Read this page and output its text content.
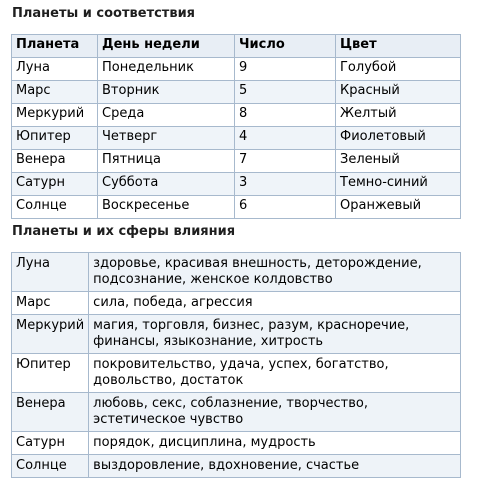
Планеты и соответствия
Планета	День недели	Число	Цвет
Луна	Понедельник	9	Голубой
Марс	Вторник	5	Красный
Меркурий	Среда	8	Желтый
Юпитер	Четверг	4	Фиолетовый
Венера	Пятница	7	Зеленый
Сатурн	Суббота	3	Темно-синий
Солнце	Воскресенье	6	Оранжевый
Планеты и их сферы влияния
Луна	здоровье, красивая внешность, деторождение, подсознание, женское колдовство
Марс	сила, победа, агрессия
Меркурий	магия, торговля, бизнес, разум, красноречие, финансы, языкознание, хитрость
Юпитер	покровительство, удача, успех, богатство, довольство, достаток
Венера	любовь, секс, соблазнение, творчество, эстетическое чувство
Сатурн	порядок, дисциплина, мудрость
Солнце	выздоровление, вдохновение, счастье
